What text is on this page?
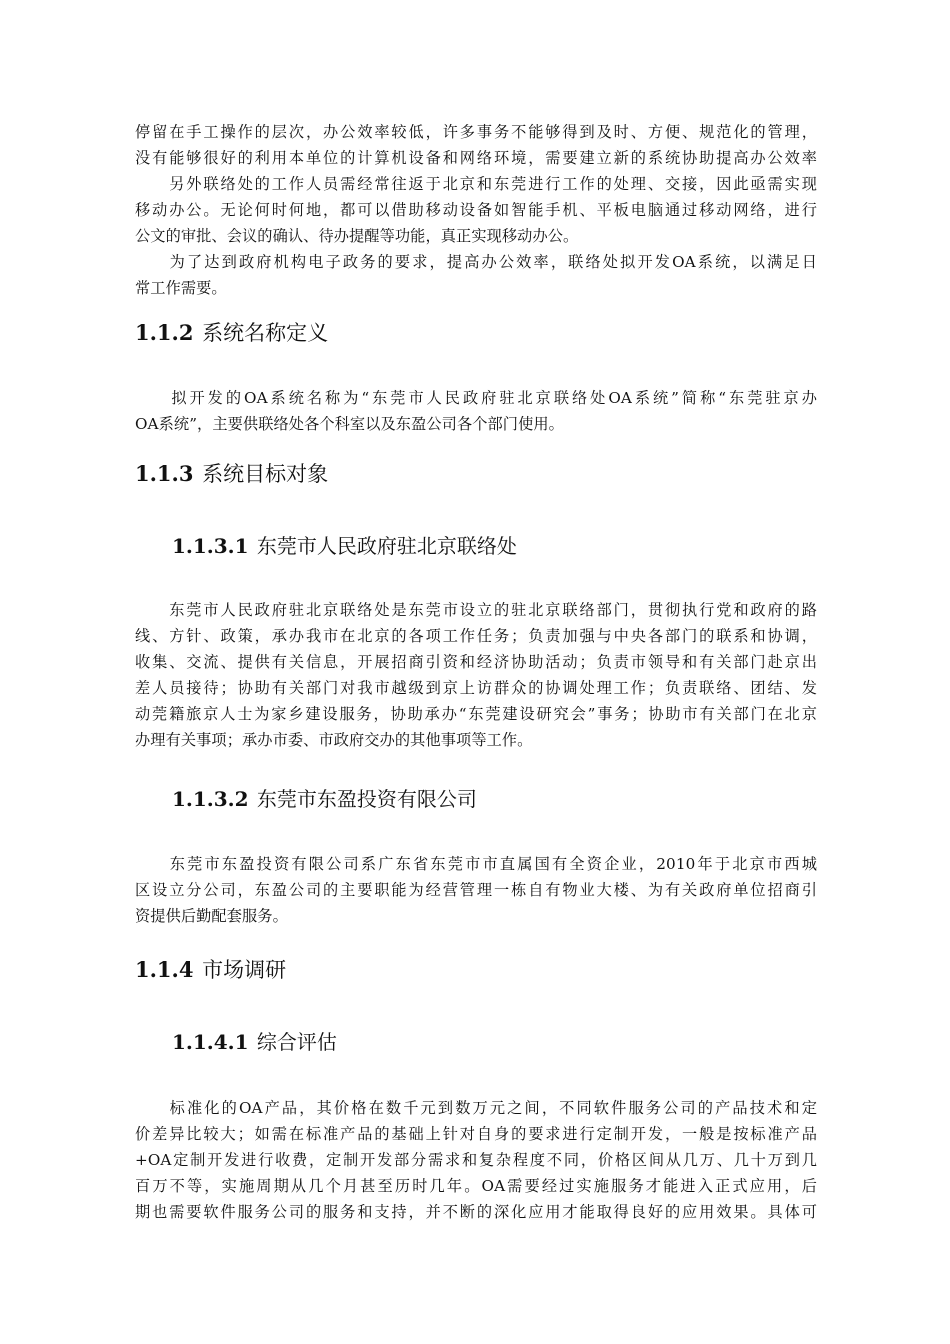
停留在手工操作的层次，办公效率较低，许多事务不能够得到及时、方便、规范化的管理，
没有能够很好的利用本单位的计算机设备和网络环境，需要建立新的系统协助提高办公效率
　　另外联络处的工作人员需经常往返于北京和东莞进行工作的处理、交接，因此亟需实现
移动办公。无论何时何地，都可以借助移动设备如智能手机、平板电脑通过移动网络，进行
公文的审批、会议的确认、待办提醒等功能，真正实现移动办公。
　　为了达到政府机构电子政务的要求，提高办公效率，联络处拟开发OA系统，以满足日
常工作需要。
1.1.2 系统名称定义
　　拟开发的OA系统名称为“东莞市人民政府驻北京联络处OA系统”简称“东莞驻京办
OA系统”，主要供联络处各个科室以及东盈公司各个部门使用。
1.1.3 系统目标对象
1.1.3.1 东莞市人民政府驻北京联络处
　　东莞市人民政府驻北京联络处是东莞市设立的驻北京联络部门，贯彻执行党和政府的路
线、方针、政策，承办我市在北京的各项工作任务；负责加强与中央各部门的联系和协调，
收集、交流、提供有关信息，开展招商引资和经济协助活动；负责市领导和有关部门赴京出
差人员接待；协助有关部门对我市越级到京上访群众的协调处理工作；负责联络、团结、发
动莞籍旅京人士为家乡建设服务，协助承办“东莞建设研究会”事务；协助市有关部门在北京
办理有关事项；承办市委、市政府交办的其他事项等工作。
1.1.3.2 东莞市东盈投资有限公司
　　东莞市东盈投资有限公司系广东省东莞市市直属国有全资企业，2010年于北京市西城
区设立分公司，东盈公司的主要职能为经营管理一栋自有物业大楼、为有关政府单位招商引
资提供后勤配套服务。
1.1.4 市场调研
1.1.4.1 综合评估
　　标准化的OA产品，其价格在数千元到数万元之间，不同软件服务公司的产品技术和定
价差异比较大；如需在标准产品的基础上针对自身的要求进行定制开发，一般是按标准产品
+OA定制开发进行收费，定制开发部分需求和复杂程度不同，价格区间从几万、几十万到几
百万不等，实施周期从几个月甚至历时几年。OA需要经过实施服务才能进入正式应用，后
期也需要软件服务公司的服务和支持，并不断的深化应用才能取得良好的应用效果。具体可
